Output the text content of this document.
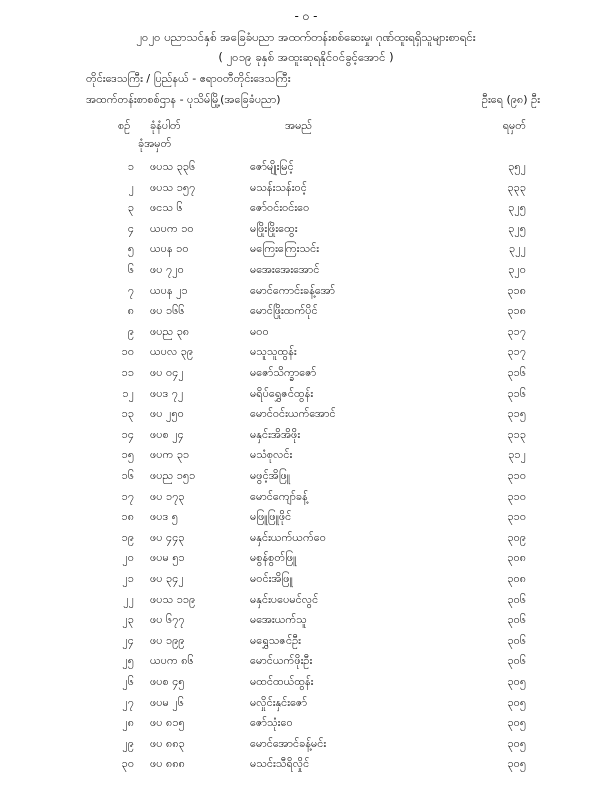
- ၀ -
၂၀၂၀ ပညာသင်နှစ် အခြေခံပညာ အထက်တန်းစစ်ဆေးမှု၊ ဂုဏ်ထူးရရှိသူများစာရင်း
( ၂၀၁၉ ခုနှစ် အထူးဆုရနိုင်ဝင်ခွင့်အောင် )
တိုင်းဒေသကြီး / ပြည်နယ် - ဧရာဝတီတိုင်းဒေသကြီး
အထက်တန်းစာစစ်ဌာန - ပုသိမ်မြို့(အခြေခံပညာ)	ဦးရေ (၉၈) ဦး
စဉ် ခုံနံပါတ်	အမည်	ရမှတ်
ခုံအမှတ်
၁ ဖပသ ၃၃၆	ဇော်မျိုးမြင့်	၃၅၂
၂ ဖပသ ၁၅၇	မသန်းသန်းဝင့်	၃၃၃
၃ ဖငသ ၆	ဇော်ဝင်းဝင်းဝေ	၃၂၅
၄ ယပက ၁၀	မဖြိုးဖြိုးထွေး	၃၂၅
၅ ယပန ၁၀	မကြေးကြေးသင်း	၃၂၂
၆ ဖပ ၇၂၀	မအေးအေးအောင်	၃၂၀
၇ ယပန ၂၁	မောင်ကောင်းခန့်အော်	၃၁၈
၈ ဖပ ၁၆၆	မောင်ဖြိုးထက်ပိုင်	၃၁၈
၉ ဖပည ၃၈	မဝဝ	၃၁၇
၁၀ ယပလ ၃၉	မသူသူထွန်း	၃၁၇
၁၁ ဖပ ၀၄၂	မဇော်သိက္ခာဇော်	၃၁၆
၁၂ ဖပဒ ၇၂	မရိပ်ရွှေဇင်ထွန်း	၃၁၆
၁၃ ဖပ ၂၅၀	မောင်ဝင်းယက်အောင်	၃၁၅
၁၄ ဖပစ ၂၄	မနှင်းအိအိဖိုး	၃၁၃
၁၅ ဖပက ၃၁	မသံစုလင်း	၃၁၂
၁၆ ဖပည ၁၅၁	မဖွင့်အိဖြူ	၃၁၀
၁၇ ဖပ ၁၇၃	မောင်ကျော်ခန့်	၃၁၀
၁၈ ဖပဒ ၅	မဖြူဖြူဖိုင်	၃၁၀
၁၉ ဖပ ၄၄၃	မနှင်းယက်ယက်ဝေ	၃၀၉
၂၀ ဖပမ ၅၁	မစွန်စွတ်ဖြူ	၃၀၈
၂၁ ဖပ ၃၄၂	မဝင်းအိဖြူ	၃၀၈
၂၂ ဖပသ ၁၁၉	မနှင်းပပေမင်လွင်	၃၀၆
၂၃ ဖပ ၆၇၇	မအေးယက်သူ	၃၀၆
၂၄ ဖပ ၁၉၉	မရွှေသဇင်ဦး	၃၀၆
၂၅ ယပက ၈၆	မောင်ယက်ဖိုးဦး	၃၀၆
၂၆ ဖပစ ၄၅	မထင်ထယ်ထွန်း	၃၀၅
၂၇ ဖပမ ၂၆	မလှိုင်းနှင်းဇော်	၃၀၅
၂၈ ဖပ ၈၁၅	ဇော်သုံးဝေ	၃၀၅
၂၉ ဖပ ၈၈၃	မောင်အောင်ခန့်မင်း	၃၀၅
၃၀ ဖပ ၈၈၈	မသင်းသီရိလှိုင်	၃၀၅
